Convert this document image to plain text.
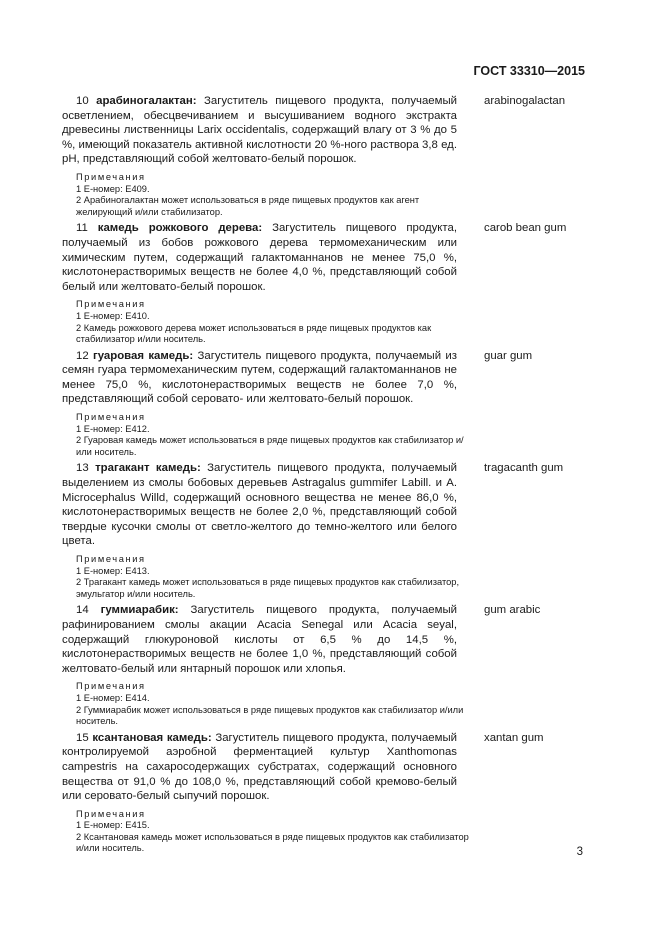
ГОСТ 33310—2015

10 арабиногалактан: Загуститель пищевого продукта, получаемый осветлением, обесцвечиванием и высушиванием водного экстракта древесины лиственницы Larix occidentalis, содержащий влагу от 3 % до 5 %, имеющий показатель активной кислотности 20 %-ного раствора 3,8 ед. рН, представляющий собой желтовато-белый порошок.

arabinogalactan
Примечания
1 Е-номер: Е409.
2 Арабиногалактан может использоваться в ряде пищевых продуктов как агент желирующий и/или стабилизатор.

11 камедь рожкового дерева: Загуститель пищевого продукта, получаемый из бобов рожкового дерева термомеханическим или химическим путем, содержащий галактоманнанов не менее 75,0 %, кислотонерастворимых веществ не более 4,0 %, представляющий собой белый или желтовато-белый порошок.

carob bean gum
Примечания
1 Е-номер: Е410.
2 Камедь рожкового дерева может использоваться в ряде пищевых продуктов как стабилизатор и/или носитель.

12 гуаровая камедь: Загуститель пищевого продукта, получаемый из семян гуара термомеханическим путем, содержащий галактоманнанов не менее 75,0 %, кислотонерастворимых веществ не более 7,0 %, представляющий собой серовато- или желтовато-белый порошок.

guar gum
Примечания
1 Е-номер: Е412.
2 Гуаровая камедь может использоваться в ряде пищевых продуктов как стабилизатор и/или носитель.

13 трагакант камедь: Загуститель пищевого продукта, получаемый выделением из смолы бобовых деревьев Astragalus gummifer Labill. и A. Microcephalus Willd, содержащий основного вещества не менее 86,0 %, кислотонерастворимых веществ не более 2,0 %, представляющий собой твердые кусочки смолы от светло-желтого до темно-желтого или белого цвета.

tragacanth gum
Примечания
1 Е-номер: Е413.
2 Трагакант камедь может использоваться в ряде пищевых продуктов как стабилизатор, эмульгатор и/или носитель.

14 гуммиарабик: Загуститель пищевого продукта, получаемый рафинированием смолы акации Acacia Senegal или Acacia seyal, содержащий глюкуроновой кислоты от 6,5 % до 14,5 %, кислотонерастворимых веществ не более 1,0 %, представляющий собой желтовато-белый или янтарный порошок или хлопья.

gum arabic
Примечания
1 Е-номер: Е414.
2 Гуммиарабик может использоваться в ряде пищевых продуктов как стабилизатор и/или носитель.

15 ксантановая камедь: Загуститель пищевого продукта, получаемый контролируемой аэробной ферментацией культур Xanthomonas campestris на сахаросодержащих субстратах, содержащий основного вещества от 91,0 % до 108,0 %, представляющий собой кремово-белый или серовато-белый сыпучий порошок.

xantan gum
Примечания
1 Е-номер: Е415.
2 Ксантановая камедь может использоваться в ряде пищевых продуктов как стабилизатор и/или носитель.	3
